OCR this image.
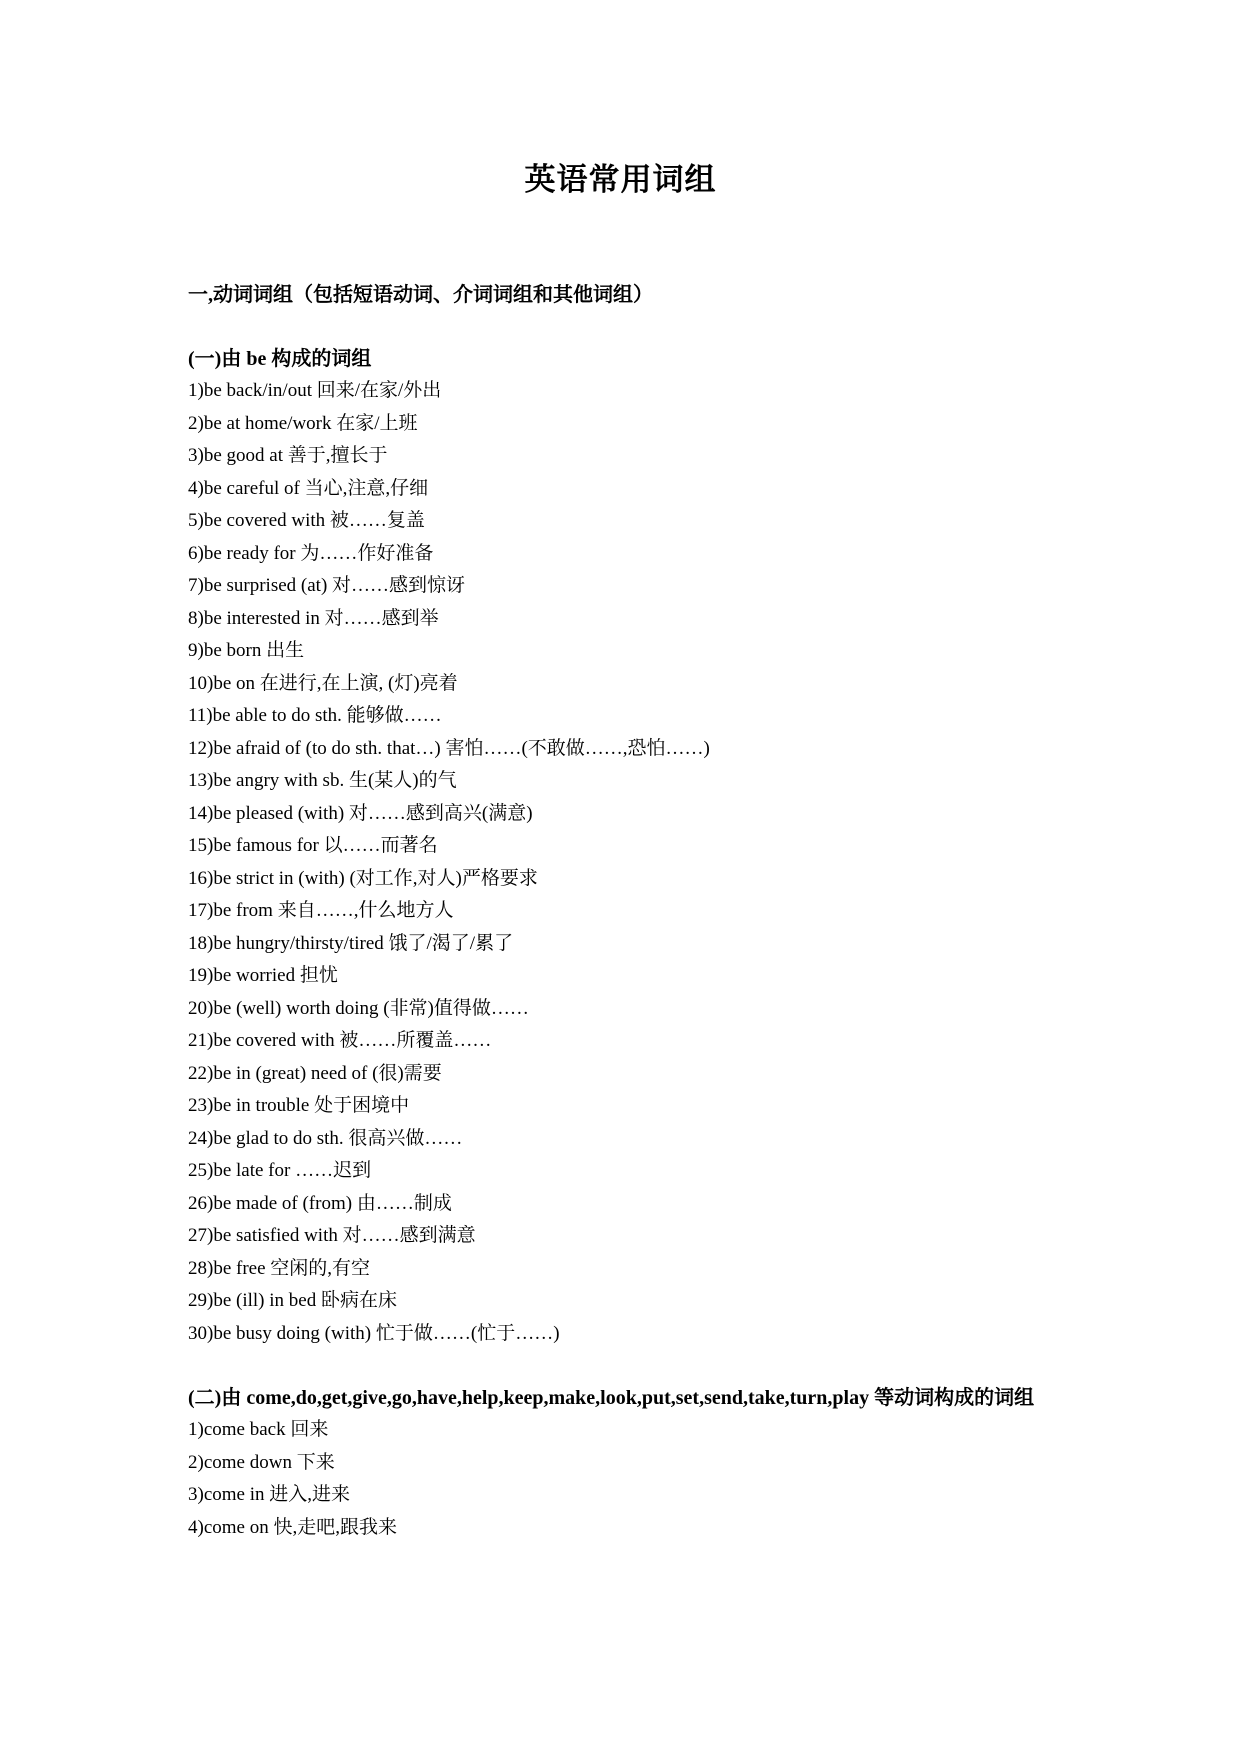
英语常用词组

一,动词词组（包括短语动词、介词词组和其他词组）

(一)由 be 构成的词组

1)be back/in/out 回来/在家/外出
2)be at home/work 在家/上班
3)be good at 善于,擅长于
4)be careful of 当心,注意,仔细
5)be covered with 被……复盖
6)be ready for 为……作好准备
7)be surprised (at) 对……感到惊讶
8)be interested in 对……感到举
9)be born 出生
10)be on 在进行,在上演, (灯)亮着
11)be able to do sth. 能够做……
12)be afraid of (to do sth. that…) 害怕……(不敢做……,恐怕……)
13)be angry with sb. 生(某人)的气
14)be pleased (with) 对……感到高兴(满意)
15)be famous for 以……而著名
16)be strict in (with) (对工作,对人)严格要求
17)be from 来自……,什么地方人
18)be hungry/thirsty/tired 饿了/渴了/累了
19)be worried 担忧
20)be (well) worth doing (非常)值得做……
21)be covered with 被……所覆盖……
22)be in (great) need of (很)需要
23)be in trouble 处于困境中
24)be glad to do sth. 很高兴做……
25)be late for ……迟到
26)be made of (from) 由……制成
27)be satisfied with 对……感到满意
28)be free 空闲的,有空
29)be (ill) in bed 卧病在床
30)be busy doing (with) 忙于做……(忙于……)

(二)由 come,do,get,give,go,have,help,keep,make,look,put,set,send,take,turn,play 等动词构成的词组

1)come back 回来
2)come down 下来
3)come in 进入,进来
4)come on 快,走吧,跟我来
